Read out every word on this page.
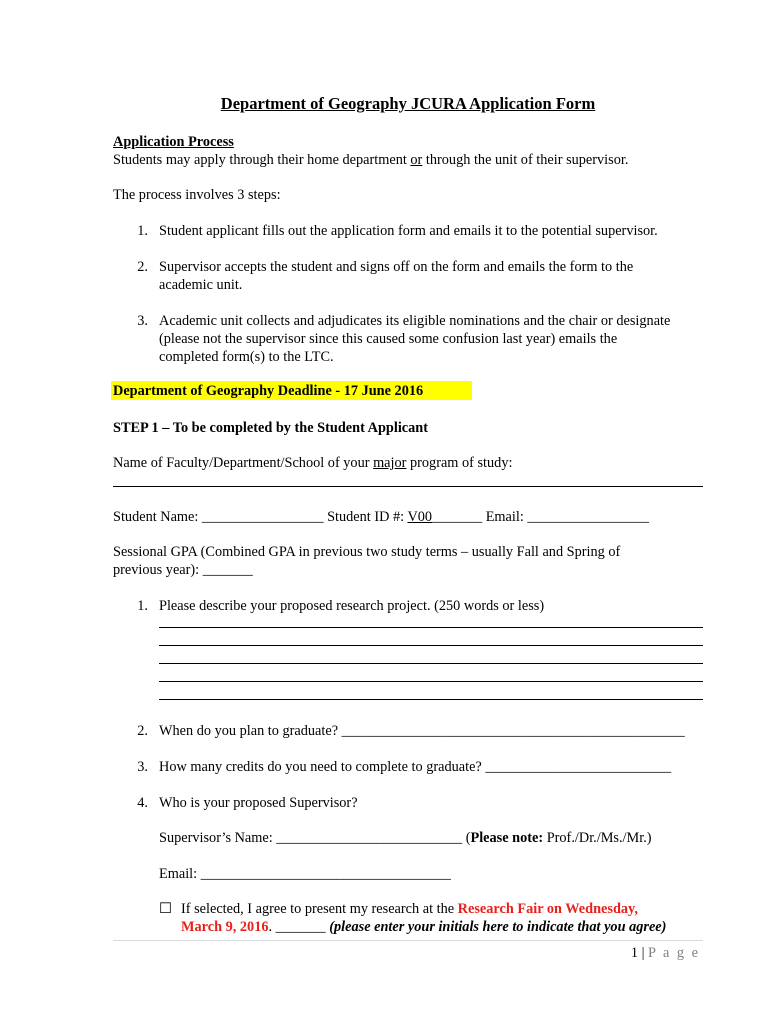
Department of Geography JCURA Application Form
Application Process
Students may apply through their home department or through the unit of their supervisor.
The process involves 3 steps:
1. Student applicant fills out the application form and emails it to the potential supervisor.
2. Supervisor accepts the student and signs off on the form and emails the form to the
academic unit.
3. Academic unit collects and adjudicates its eligible nominations and the chair or designate
(please not the supervisor since this caused some confusion last year) emails the
completed form(s) to the LTC.
Department of Geography Deadline - 17 June 2016
STEP 1 – To be completed by the Student Applicant
Name of Faculty/Department/School of your major program of study:
Student Name: _________________ Student ID #: V00_______ Email: _________________
Sessional GPA (Combined GPA in previous two study terms – usually Fall and Spring of
previous year): _______
1. Please describe your proposed research project. (250 words or less)
2. When do you plan to graduate? ________________________________________________
3. How many credits do you need to complete to graduate? __________________________
4. Who is your proposed Supervisor?
Supervisor’s Name: __________________________ (Please note: Prof./Dr./Ms./Mr.)
Email: ___________________________________
☐ If selected, I agree to present my research at the Research Fair on Wednesday,
March 9, 2016. _______ (please enter your initials here to indicate that you agree)
1 | P a g e
